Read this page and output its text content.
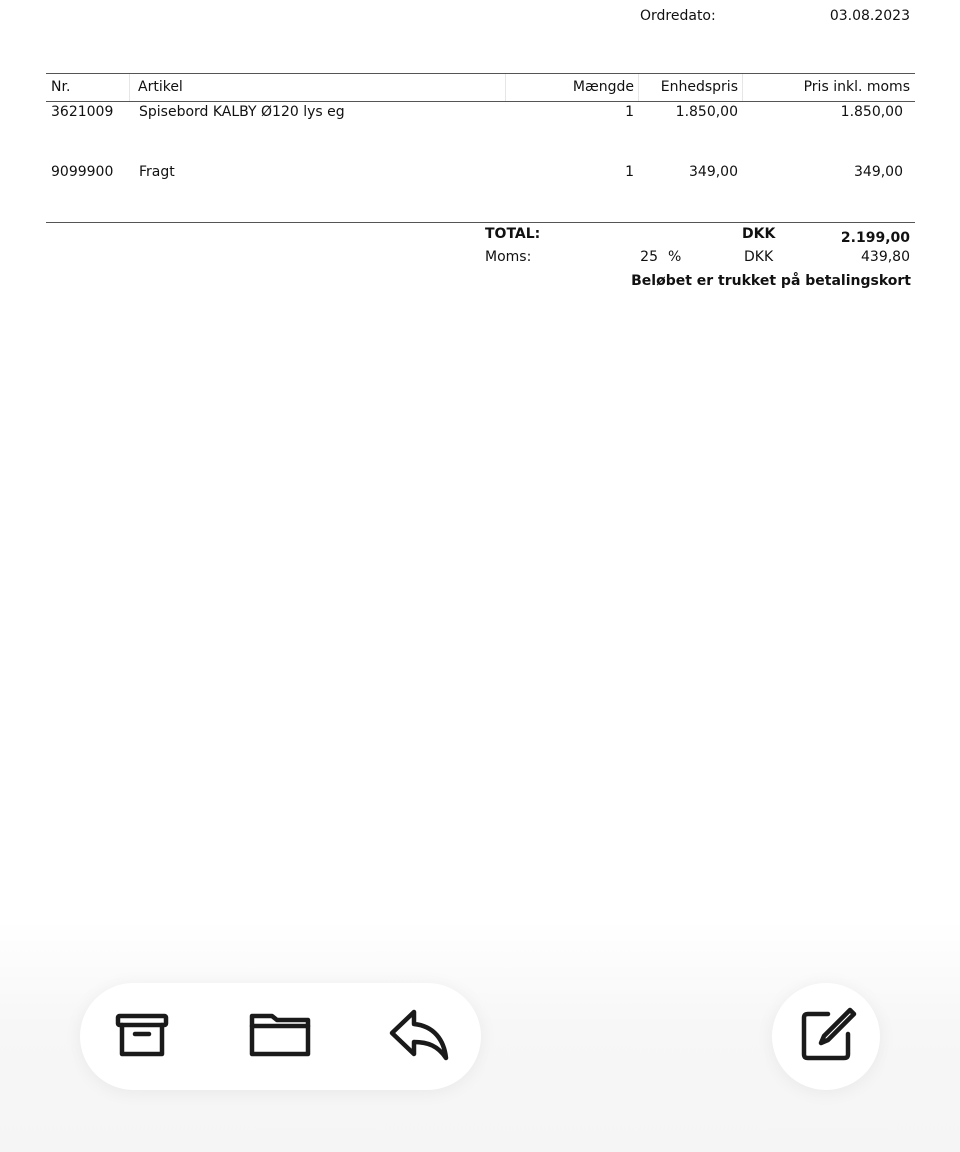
Ordredato:	03.08.2023
Nr.	Artikel	Mængde	Enhedspris	Pris inkl. moms
3621009 Spisebord KALBY Ø120 lys eg	1	1.850,00	1.850,00
9099900 Fragt	1	349,00	349,00
TOTAL:	DKK	2.199,00
Moms:	25 %	DKK	439,80
Beløbet er trukket på betalingskort
